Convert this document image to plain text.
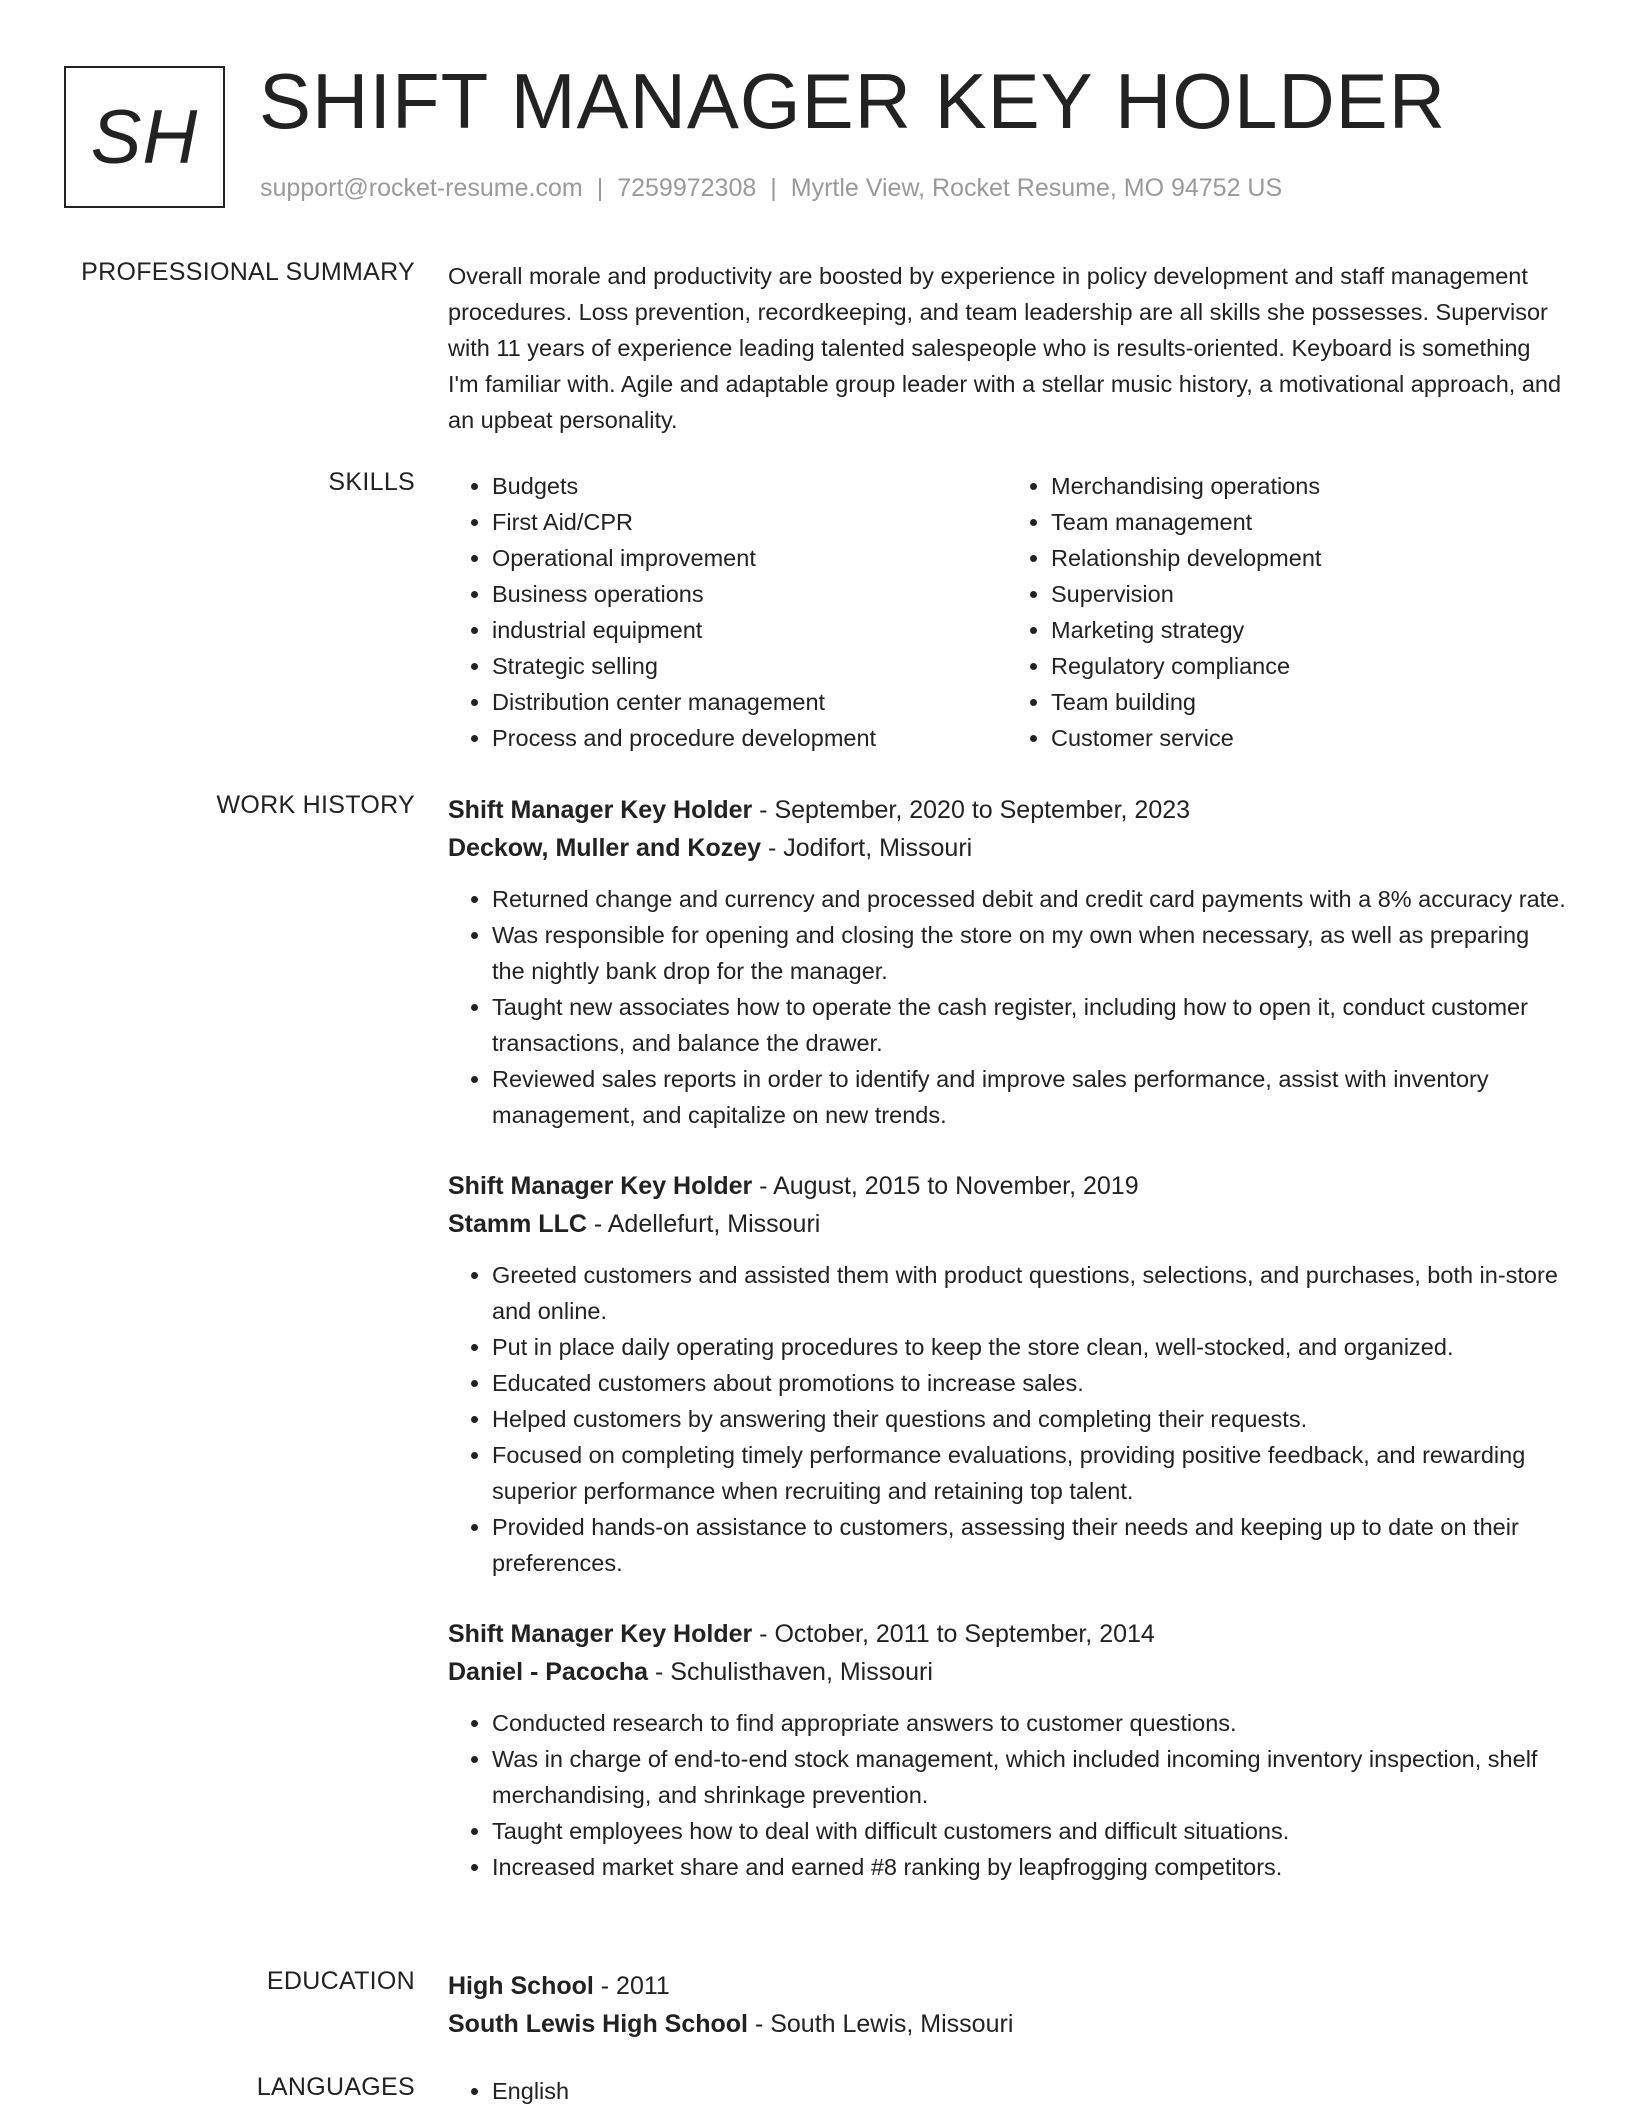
SH SHIFT MANAGER KEY HOLDER
support@rocket-resume.com | 7259972308 | Myrtle View, Rocket Resume, MO 94752 US
PROFESSIONAL SUMMARY Overall morale and productivity are boosted by experience in policy development and staff management procedures. Loss prevention, recordkeeping, and team leadership are all skills she possesses. Supervisor with 11 years of experience leading talented salespeople who is results-oriented. Keyboard is something I'm familiar with. Agile and adaptable group leader with a stellar music history, a motivational approach, and an upbeat personality.

SKILLS	• Budgets
• First Aid/CPR
• Operational improvement
• Business operations
• industrial equipment
• Strategic selling
• Distribution center management
• Process and procedure development
• Merchandising operations
• Team management
• Relationship development
• Supervision
• Marketing strategy
• Regulatory compliance
• Team building
• Customer service
WORK HISTORY Shift Manager Key Holder - September, 2020 to September, 2023
Deckow, Muller and Kozey - Jodifort, Missouri
• Returned change and currency and processed debit and credit card payments with a 8% accuracy rate.
• Was responsible for opening and closing the store on my own when necessary, as well as preparing the nightly bank drop for the manager.
• Taught new associates how to operate the cash register, including how to open it, conduct customer transactions, and balance the drawer.
• Reviewed sales reports in order to identify and improve sales performance, assist with inventory management, and capitalize on new trends.
Shift Manager Key Holder - August, 2015 to November, 2019
Stamm LLC - Adellefurt, Missouri
• Greeted customers and assisted them with product questions, selections, and purchases, both in-store and online.
• Put in place daily operating procedures to keep the store clean, well-stocked, and organized.
• Educated customers about promotions to increase sales.
• Helped customers by answering their questions and completing their requests.
• Focused on completing timely performance evaluations, providing positive feedback, and rewarding superior performance when recruiting and retaining top talent.
• Provided hands-on assistance to customers, assessing their needs and keeping up to date on their preferences.
Shift Manager Key Holder - October, 2011 to September, 2014
Daniel - Pacocha - Schulisthaven, Missouri
• Conducted research to find appropriate answers to customer questions.
• Was in charge of end-to-end stock management, which included incoming inventory inspection, shelf merchandising, and shrinkage prevention.
• Taught employees how to deal with difficult customers and difficult situations.
• Increased market share and earned #8 ranking by leapfrogging competitors.
EDUCATION High School - 2011
South Lewis High School - South Lewis, Missouri
LANGUAGES	• English
